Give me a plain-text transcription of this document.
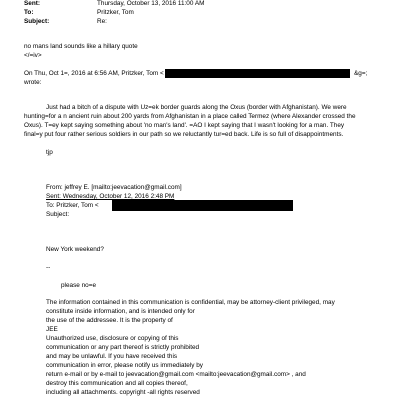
Sent:	Thursday, October 13, 2016 11:00 AM
To:	Pritzker, Tom
Subject:	Re:
no mans land sounds like a hillary quote
</=iv>
On Thu, Oct 1=, 2016 at 6:56 AM, Pritzker, Tom <	&g=;
wrote:
Just had a bitch of a dispute with Uz=ek border guards along the Oxus (border with Afghanistan). We were
hunting=for a n ancient ruin about 200 yards from Afghanistan in a place called Termez (where Alexander crossed the
Oxus). T=ey kept saying something about 'no man's land'. =AO I kept saying that I wasn't looking for a man. They
final=y put four rather serious soldiers in our path so we reluctantly tur=ed back. Life is so full of disappointments.
tjp
From: jeffrey E. [mailto:jeevacation@gmail.com]
Sent: Wednesday, October 12, 2016 2:48 PM
To: Pritzker, Tom <
Subject:
New York weekend?
--
please no=e
The information contained in this communication is confidential, may be attorney-client privileged, may
constitute inside information, and is intended only for
the use of the addressee. It is the property of
JEE
Unauthorized use, disclosure or copying of this
communication or any part thereof is strictly prohibited
and may be unlawful. If you have received this
communication in error, please notify us immediately by
return e-mail or by e-mail to jeevacation@gmail.com <mailto:jeevacation@gmail.com> , and
destroy this communication and all copies thereof,
including all attachments. copyright -all rights reserved
